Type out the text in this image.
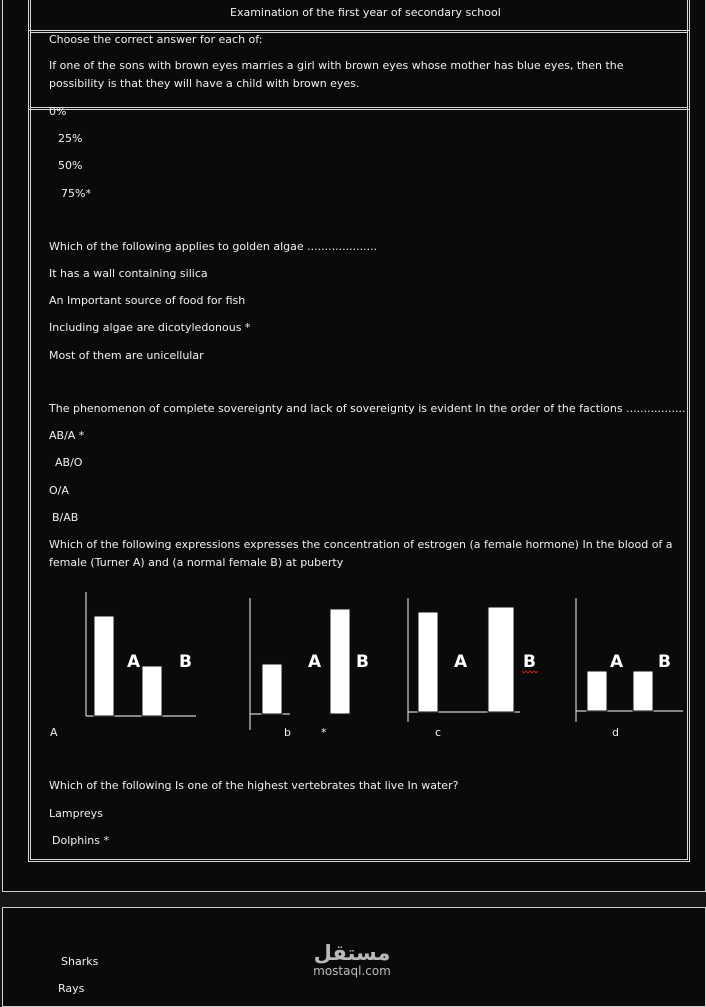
Examination of the first year of secondary school
Choose the correct answer for each of:
If one of the sons with brown eyes marries a girl with brown eyes whose mother has blue eyes, then the possibility is that they will have a child with brown eyes.
0%
25%
50%
75%*
Which of the following applies to golden algae ....................
It has a wall containing silica
An Important source of food for fish
Including algae are dicotyledonous *
Most of them are unicellular
The phenomenon of complete sovereignty and lack of sovereignty is evident In the order of the factions .................
AB/A *
AB/O
O/A
B/AB
Which of the following expressions expresses the concentration of estrogen (a female hormone) In the blood of a female (Turner A) and (a normal female B) at puberty
A B	A B	A	B	A B
A	b	*	c	d
Which of the following Is one of the highest vertebrates that live In water?
Lampreys
Dolphins *
Sharks
Rays
مستقل
mostaql.com
